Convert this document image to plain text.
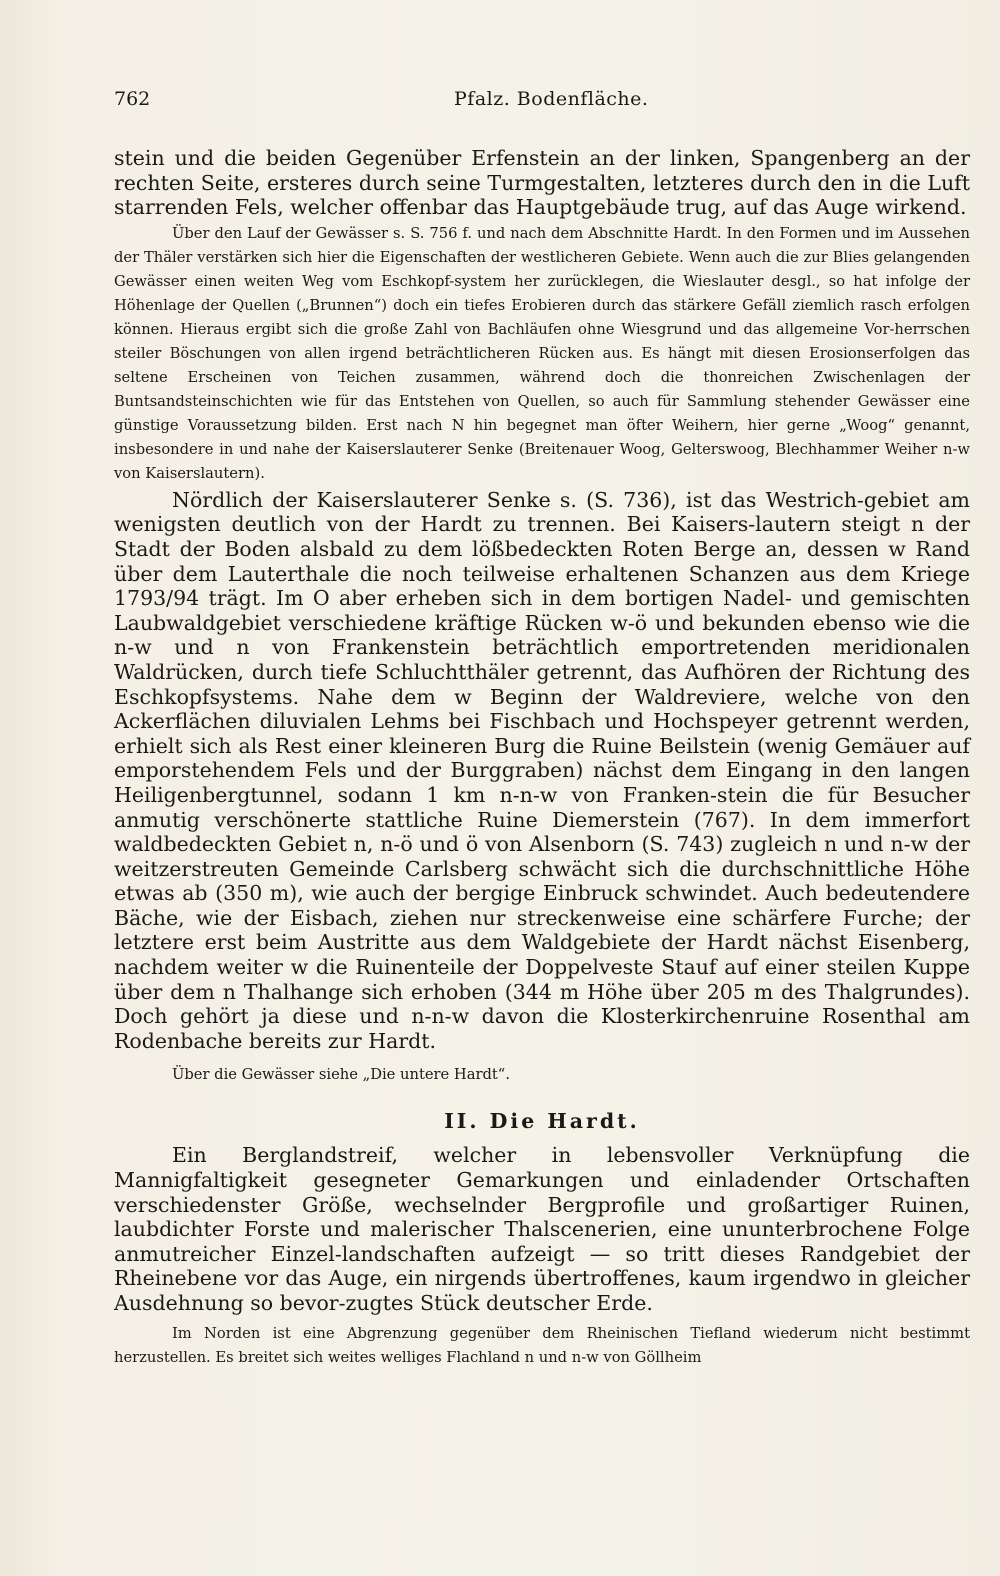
762	Pfalz. Bodenfläche.

stein und die beiden Gegenüber Erfenstein an der linken, Spangenberg an der rechten Seite, ersteres durch seine Turmgestalten, letzteres durch den in die Luft starrenden Fels, welcher offenbar das Hauptgebäude trug, auf das Auge wirkend.

Über den Lauf der Gewässer s. S. 756 f. und nach dem Abschnitte Hardt. In den Formen und im Aussehen der Thäler verstärken sich hier die Eigenschaften der westlicheren Gebiete. Wenn auch die zur Blies gelangenden Gewässer einen weiten Weg vom Eschkopf-system her zurücklegen, die Wieslauter desgl., so hat infolge der Höhenlage der Quellen („Brunnen“) doch ein tiefes Erobieren durch das stärkere Gefäll ziemlich rasch erfolgen können. Hieraus ergibt sich die große Zahl von Bachläufen ohne Wiesgrund und das allgemeine Vor-herrschen steiler Böschungen von allen irgend beträchtlicheren Rücken aus. Es hängt mit diesen Erosionserfolgen das seltene Erscheinen von Teichen zusammen, während doch die thonreichen Zwischenlagen der Buntsandsteinschichten wie für das Entstehen von Quellen, so auch für Sammlung stehender Gewässer eine günstige Voraussetzung bilden. Erst nach N hin begegnet man öfter Weihern, hier gerne „Woog“ genannt, insbesondere in und nahe der Kaiserslauterer Senke (Breitenauer Woog, Gelterswoog, Blechhammer Weiher n-w von Kaiserslautern).

Nördlich der Kaiserslauterer Senke s. (S. 736), ist das Westrich-gebiet am wenigsten deutlich von der Hardt zu trennen. Bei Kaisers-lautern steigt n der Stadt der Boden alsbald zu dem lößbedeckten Roten Berge an, dessen w Rand über dem Lauterthale die noch teilweise erhaltenen Schanzen aus dem Kriege 1793/94 trägt. Im O aber erheben sich in dem bortigen Nadel- und gemischten Laubwaldgebiet verschiedene kräftige Rücken w-ö und bekunden ebenso wie die n-w und n von Frankenstein beträchtlich emportretenden meridionalen Waldrücken, durch tiefe Schluchtthäler getrennt, das Aufhören der Richtung des Eschkopfsystems. Nahe dem w Beginn der Waldreviere, welche von den Ackerflächen diluvialen Lehms bei Fischbach und Hochspeyer getrennt werden, erhielt sich als Rest einer kleineren Burg die Ruine Beilstein (wenig Gemäuer auf emporstehendem Fels und der Burggraben) nächst dem Eingang in den langen Heiligenbergtunnel, sodann 1 km n-n-w von Franken-stein die für Besucher anmutig verschönerte stattliche Ruine Diemerstein (767). In dem immerfort waldbedeckten Gebiet n, n-ö und ö von Alsenborn (S. 743) zugleich n und n-w der weitzerstreuten Gemeinde Carlsberg schwächt sich die durchschnittliche Höhe etwas ab (350 m), wie auch der bergige Einbruck schwindet. Auch bedeutendere Bäche, wie der Eisbach, ziehen nur streckenweise eine schärfere Furche; der letztere erst beim Austritte aus dem Waldgebiete der Hardt nächst Eisenberg, nachdem weiter w die Ruinenteile der Doppelveste Stauf auf einer steilen Kuppe über dem n Thalhange sich erhoben (344 m Höhe über 205 m des Thalgrundes). Doch gehört ja diese und n-n-w davon die Klosterkirchenruine Rosenthal am Rodenbache bereits zur Hardt.

Über die Gewässer siehe „Die untere Hardt“.

II. Die Hardt.

Ein Berglandstreif, welcher in lebensvoller Verknüpfung die Mannigfaltigkeit gesegneter Gemarkungen und einladender Ortschaften verschiedenster Größe, wechselnder Bergprofile und großartiger Ruinen, laubdichter Forste und malerischer Thalscenerien, eine ununterbrochene Folge anmutreicher Einzel-landschaften aufzeigt — so tritt dieses Randgebiet der Rheinebene vor das Auge, ein nirgends übertroffenes, kaum irgendwo in gleicher Ausdehnung so bevor-zugtes Stück deutscher Erde.

Im Norden ist eine Abgrenzung gegenüber dem Rheinischen Tiefland wiederum nicht bestimmt herzustellen. Es breitet sich weites welliges Flachland n und n-w von Göllheim
